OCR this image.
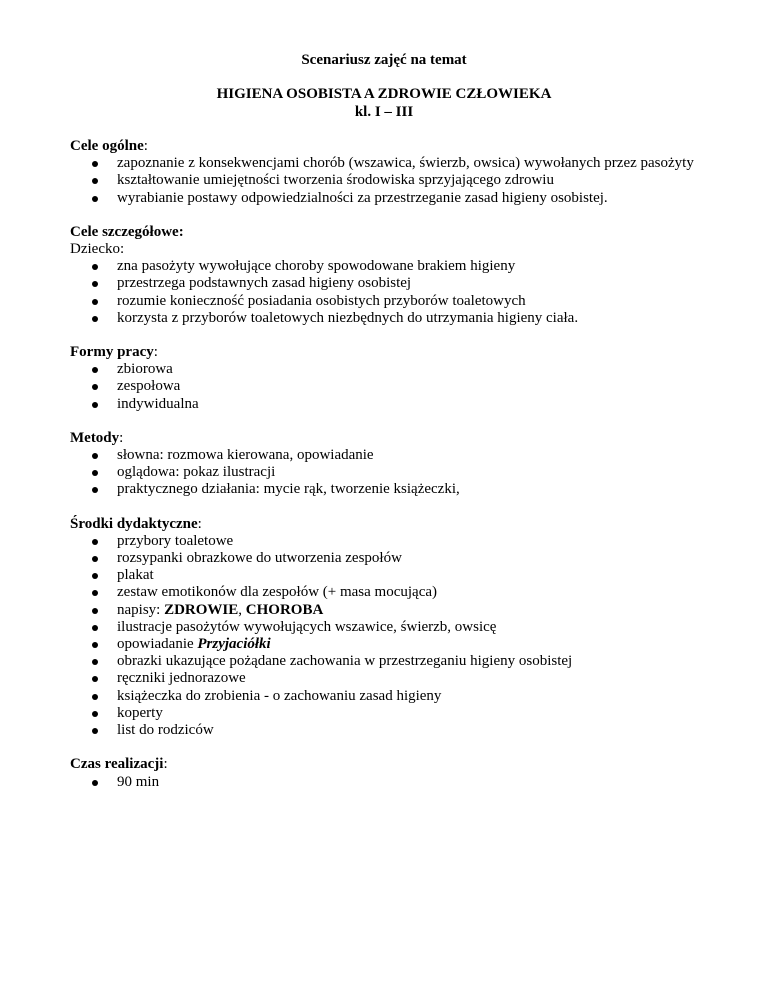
Scenariusz zajęć na temat
HIGIENA OSOBISTA A ZDROWIE CZŁOWIEKA
kl. I – III
Cele ogólne:
zapoznanie z konsekwencjami chorób (wszawica, świerzb, owsica) wywołanych przez pasożyty
kształtowanie umiejętności tworzenia środowiska sprzyjającego zdrowiu
wyrabianie postawy odpowiedzialności za przestrzeganie zasad higieny osobistej.
Cele szczegółowe:
Dziecko:
zna pasożyty wywołujące choroby spowodowane brakiem higieny
przestrzega podstawnych zasad higieny osobistej
rozumie konieczność posiadania osobistych przyborów toaletowych
korzysta z przyborów toaletowych niezbędnych do utrzymania higieny ciała.
Formy pracy:
zbiorowa
zespołowa
indywidualna
Metody:
słowna: rozmowa kierowana, opowiadanie
oglądowa: pokaz ilustracji
praktycznego działania: mycie rąk, tworzenie książeczki,
Środki dydaktyczne:
przybory toaletowe
rozsypanki obrazkowe do utworzenia zespołów
plakat
zestaw emotikonów dla zespołów (+ masa mocująca)
napisy: ZDROWIE, CHOROBA
ilustracje pasożytów wywołujących wszawice, świerzb, owsicę
opowiadanie Przyjaciółki
obrazki ukazujące pożądane zachowania w przestrzeganiu higieny osobistej
ręczniki jednorazowe
książeczka do zrobienia - o zachowaniu zasad higieny
koperty
list do rodziców
Czas realizacji:
90 min
